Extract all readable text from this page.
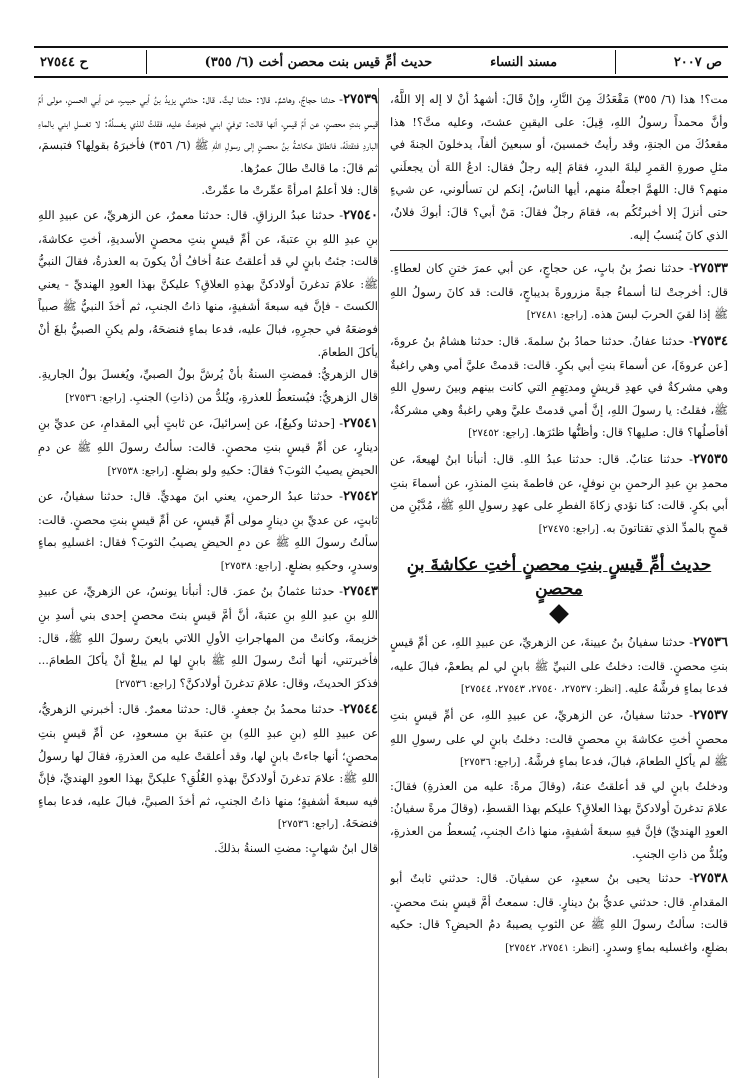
ص ٢٠٠٧
مسند النساء
حديث أمِّ قيس بنت محصن أخت (٦/ ٣٥٥)
ح ٢٧٥٤٤

مت؟! هذا (٦/ ٣٥٥) مَقْعَدُكَ مِنَ النَّارِ، وإنْ قَالَ: أشهدُ أنْ لا إله إلا اللَّهُ، وأنَّ محمداً رسولُ اللهِ، قِيلَ: على اليقينِ عشتَ، وعليه متَّ؟! هذا مقعدُكَ من الجنةِ، وقد رأيتُ خمسينَ، أو سبعينَ ألفاً، يدخلونَ الجنةَ في مثلِ صورةِ القمرِ ليلةَ البدرِ، فقامَ إليه رجلٌ فقال: ادعُ اللهَ أن يجعلَني منهم؟ قال: اللهمَّ اجعلْهُ منهم، أيها الناسُ، إنكم لن تسألوني، عن شيءٍ حتى أنزلَ إلا أخبرتُكُم به، فقامَ رجلٌ فقالَ: مَنْ أبي؟ قالَ: أبوكَ فلانٌ، الذي كانَ يُنسبُ إليه.

٢٧٥٣٣- حدثنا نصرُ بنُ بابٍ، عن حجاجٍ، عن أبي عمرَ ختنِ كان لعطاءٍ. قال: أخرجتْ لنا أسماءُ جبةً مزرورةً بديباجٍ، قالت: قد كانَ رسولُ اللهِ ﷺ إذا لقيَ الحربَ لبسَ هذه. [راجع: ٢٧٤٨١]

٢٧٥٣٤- حدثنا عفانُ. حدثنا حمادُ بنُ سلمةَ. قال: حدثنا هشامُ بنُ عروةَ، [عن عروةَ]، عن أسماءَ بنتِ أبي بكرٍ. قالت: قدمتْ عليَّ أمي وهي راغبةٌ وهي مشركةٌ في عهدِ قريشٍ ومدتِهِمِ التي كانت بينهم وبينَ رسولِ اللهِ ﷺ، فقلتُ: يا رسولَ اللهِ، إنَّ أمي قدمتْ عليَّ وهي راغبةٌ وهي مشركةٌ، أفأصلُها؟ قال: صليها؟ قال: وأظنُّها ظئرَها. [راجع: ٢٧٤٥٢]

٢٧٥٣٥- حدثنا عتابٌ. قال: حدثنا عبدُ اللهِ. قال: أنبأنا ابنُ لهيعةَ، عن محمدِ بنِ عبدِ الرحمنِ بنِ نوفلٍ، عن فاطمةَ بنتِ المنذرِ، عن أسماءَ بنتِ أبي بكرٍ. قالت: كنا نؤدي زكاةَ الفطرِ على عهدِ رسولِ اللهِ ﷺ، مُدَّيْنِ من قمحٍ بالمدِّ الذي تقتاتونَ به. [راجع: ٢٧٤٧٥]

حديث أمِّ قيسٍ بنتِ محصنٍ أختِ عكاشةَ بنِ محصنٍ

٢٧٥٣٦- حدثنا سفيانُ بنُ عيينةَ، عن الزهريِّ، عن عبيدِ اللهِ، عن أمِّ قيسٍ بنتِ محصنٍ. قالت: دخلتُ على النبيِّ ﷺ بابنٍ لي لم يطعمْ، فبالَ عليه، فدعا بماءٍ فرشَّهُ عليه. [انظر: ٢٧٥٣٧، ٢٧٥٤٠، ٢٧٥٤٣، ٢٧٥٤٤]

٢٧٥٣٧- حدثنا سفيانُ، عن الزهريِّ، عن عبيدِ اللهِ، عن أمِّ قيسٍ بنتِ محصنٍ أختِ عكاشةَ بنِ محصنٍ قالت: دخلتُ بابنٍ لي على رسولِ اللهِ ﷺ لم يأكلِ الطعامَ، فبالَ، فدعا بماءٍ فرشَّهُ. [راجع: ٢٧٥٣٦]

ودخلتُ بابنٍ لي قد أعلقتُ عنهُ، (وقالَ مرةً: عليه من العذرةِ) فقالَ: علامَ تدغرنَ أولادكنَّ بهذا العلاقِ؟ عليكم بهذا القسطِ، (وقالَ مرةً سفيانُ: العودِ الهنديِّ) فإنَّ فيهِ سبعةَ أشفيةٍ، منها ذاتُ الجنبِ، يُسعطُ من العذرةِ، ويُلدُّ من ذاتِ الجنبِ.

٢٧٥٣٨- حدثنا يحيى بنُ سعيدٍ، عن سفيانَ. قال: حدثني ثابتٌ أبو المقدامِ. قال: حدثني عديُّ بنُ دينارٍ. قال: سمعتُ أمَّ قيسٍ بنتَ محصنٍ. قالت: سألتُ رسولَ اللهِ ﷺ عن الثوبِ يصيبهُ دمُ الحيضِ؟ قال: حكيه بضلعٍ، واغسليه بماءٍ وسدرٍ. [انظر: ٢٧٥٤١، ٢٧٥٤٢]

٢٧٥٣٩- حدثنا حجاجٌ، وهاشمٌ. قالا: حدثنا ليثٌ. قال: حدثني يزيدُ بنُ أبي حبيبٍ، عن أبي الحسنِ، مولى أمِّ قيسٍ بنتِ محصنٍ، عن أمِّ قيسٍ، أنها قالت: توفيَ ابني فجزعتُ عليه، فقلتُ للذي يغسلُهُ: لا تغسلِ ابني بالماءِ الباردِ فتقتلَهُ، فانطلقَ عكاشةُ بنُ محصنٍ إلى رسولِ اللهِ ﷺ (٦/ ٣٥٦) فأخبرَهُ بقولِها؟ فتبسمَ، ثم قالَ: ما قالتْ طالَ عمرُها.

قال: فلا أعلمُ امرأةً عمِّرتْ ما عمِّرتْ.

٢٧٥٤٠- حدثنا عبدُ الرزاقِ. قال: حدثنا معمرٌ، عن الزهريِّ، عن عبيدِ اللهِ بنِ عبدِ اللهِ بنِ عتبةَ، عن أمِّ قيسٍ بنتِ محصنٍ الأسديةِ، أختِ عكاشةَ، قالت: جئتُ بابنٍ لي قد أعلقتُ عنهُ أخافُ أنْ يكونَ به العذرةُ، فقالَ النبيُّ ﷺ: علامَ تدغرنَ أولادكنَّ بهذهِ العلاقِ؟ عليكنَّ بهذا العودِ الهنديِّ - يعني الكستَ - فإنَّ فيه سبعةَ أشفيةٍ، منها ذاتُ الجنبِ، ثم أخذَ النبيُّ ﷺ صبياً فوضعَهُ في حجرِهِ، فبالَ عليه، فدعا بماءٍ فنضحَهُ، ولم يكنِ الصبيُّ بلغَ أنْ يأكلَ الطعامَ.

قال الزهريُّ: فمضتِ السنةُ بأنْ يُرشَّ بولُ الصبيِّ، ويُغسلَ بولُ الجاريةِ. قال الزهريُّ: فيُستعطُ للعذرةِ، ويُلدُّ من (ذاتِ) الجنبِ. [راجع: ٢٧٥٣٦]

٢٧٥٤١- [حدثنا وكيعٌ]، عن إسرائيلَ، عن ثابتٍ أبي المقدامِ، عن عديِّ بنِ دينارٍ، عن أمِّ قيسٍ بنتِ محصنٍ. قالت: سألتُ رسولَ اللهِ ﷺ عن دمِ الحيضِ يصيبُ الثوبَ؟ فقالَ: حكيهِ ولو بضلعٍ. [راجع: ٢٧٥٣٨]

٢٧٥٤٢- حدثنا عبدُ الرحمنِ، يعني ابنَ مهديٍّ. قال: حدثنا سفيانُ، عن ثابتٍ، عن عديِّ بنِ دينارٍ مولى أمِّ قيسٍ، عن أمِّ قيسٍ بنتِ محصنٍ. قالت: سألتُ رسولَ اللهِ ﷺ عن دمِ الحيضِ يصيبُ الثوبَ؟ فقال: اغسليهِ بماءٍ وسدرٍ، وحكيهِ بضلعٍ. [راجع: ٢٧٥٣٨]

٢٧٥٤٣- حدثنا عثمانُ بنُ عمرَ. قال: أنبأنا يونسُ، عن الزهريِّ، عن عبيدِ اللهِ بنِ عبدِ اللهِ بنِ عتبةَ، أنَّ أمَّ قيسٍ بنتَ محصنٍ إحدى بني أسدِ بنِ خزيمةَ، وكانتْ من المهاجراتِ الأولِ اللاتي بايعنَ رسولَ اللهِ ﷺ، قال: فأخبرتني، أنها أتتْ رسولَ اللهِ ﷺ بابنٍ لها لم يبلغْ أنْ يأكلَ الطعامَ... فذكرَ الحديثَ، وقال: علامَ تدغرنَ أولادكنَّ؟ [راجع: ٢٧٥٣٦]

٢٧٥٤٤- حدثنا محمدُ بنُ جعفرٍ. قال: حدثنا معمرٌ. قال: أخبرني الزهريُّ، عن عبيدِ اللهِ (بنِ عبدِ اللهِ) بنِ عتبةَ بنِ مسعودٍ، عن أمِّ قيسٍ بنتِ محصنٍ؛ أنها جاءتْ بابنٍ لها، وقد أعلقتْ عليه من العذرةِ، فقالَ لها رسولُ اللهِ ﷺ: علامَ تدغرنَ أولادكنَّ بهذهِ العُلُقِ؟ عليكنَّ بهذا العودِ الهنديِّ، فإنَّ فيه سبعةَ أشفيةٍ؛ منها ذاتُ الجنبِ، ثم أخذَ الصبيَّ، فبالَ عليه، فدعا بماءٍ فنضحَهُ. [راجع: ٢٧٥٣٦]

قال ابنُ شهابٍ: مضتِ السنةُ بذلكَ.
